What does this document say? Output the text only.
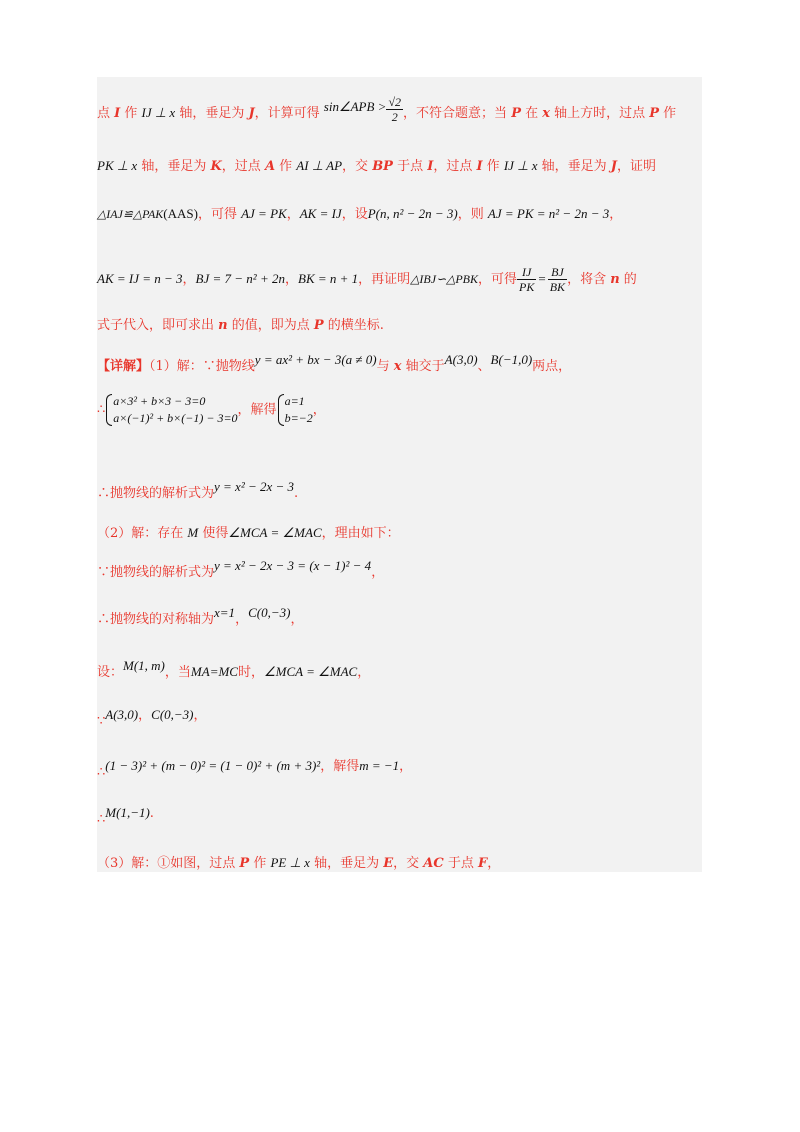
点 I 作 IJ ⊥ x 轴，垂足为 J，计算可得 sin∠APB > $\frac{√2}{2}$ ，不符合题意；当 P 在 x 轴上方时，过点 P 作
PK ⊥ x 轴，垂足为 K，过点 A 作 AI ⊥ AP，交 BP 于点 I，过点 I 作 IJ ⊥ x 轴，垂足为 J，证明
△IAJ≌△PAK(AAS)，可得 AJ = PK，AK = IJ，设P(n, n² − 2n − 3)，则 AJ = PK = n² − 2n − 3，
AK = IJ = n − 3，BJ = 7 − n² + 2n，BK = n + 1，再证明△IBJ∽△PBK，可得 $\frac{IJ}{PK} = \frac{BJ}{BK}$ ，将含 n 的
式子代入，即可求出 n 的值，即为点 P 的横坐标.
【详解】（1）解：∵抛物线y = ax² + bx − 3(a ≠ 0)与 x 轴交于A(3,0)、B(−1,0)两点，
∴
a×3² + b×3 − 3=0
a×(−1)² + b×(−1) − 3=0
，解得
a=1
b=−2
，
∴抛物线的解析式为y = x² − 2x − 3.
（2）解：存在 M 使得∠MCA = ∠MAC，理由如下：
∵抛物线的解析式为y = x² − 2x − 3 = (x − 1)² − 4，
∴抛物线的对称轴为x=1，C(0,−3)，
设：M(1, m)，当MA=MC时，∠MCA = ∠MAC，
∵A(3,0)，C(0,−3)，
∴(1 − 3)² + (m − 0)² = (1 − 0)² + (m + 3)²，解得m = −1，
∴M(1,−1).
（3）解：①如图，过点 P 作 PE ⊥ x 轴，垂足为 E，交 AC 于点 F，
